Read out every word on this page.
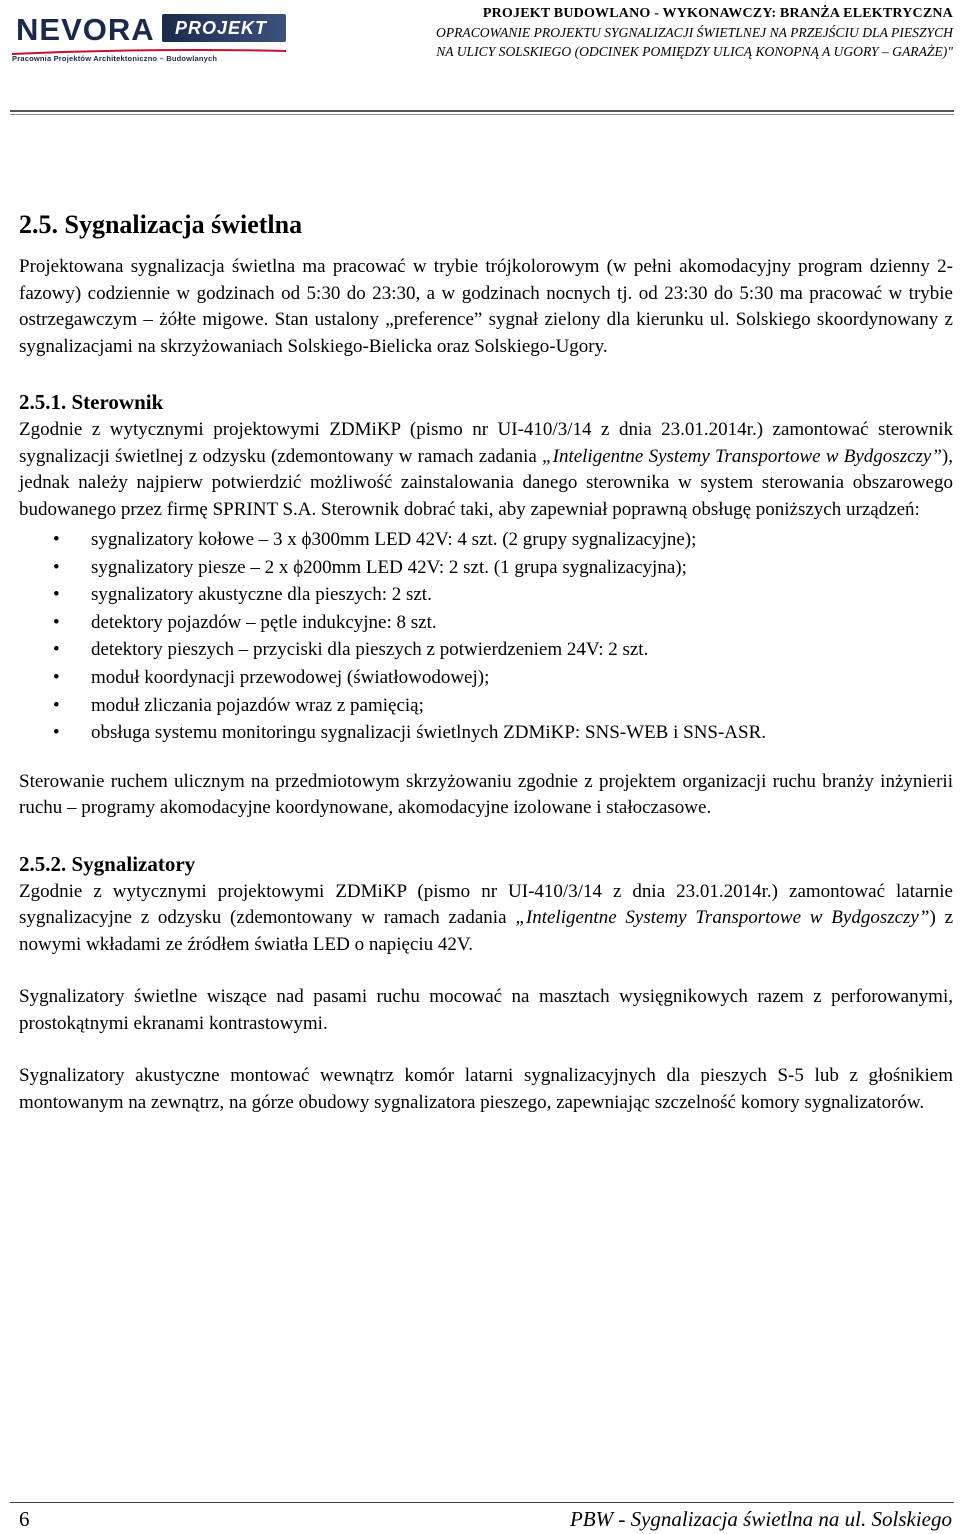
NEVORA PROJEKT
Pracownia Projektów Architektoniczno – Budowlanych
PROJEKT BUDOWLANO - WYKONAWCZY: BRANŻA ELEKTRYCZNA
OPRACOWANIE PROJEKTU SYGNALIZACJI ŚWIETLNEJ NA PRZEJŚCIU DLA PIESZYCH
NA ULICY SOLSKIEGO (ODCINEK POMIĘDZY ULICĄ KONOPNĄ A UGORY – GARAŻE)"
2.5. Sygnalizacja świetlna

Projektowana sygnalizacja świetlna ma pracować w trybie trójkolorowym (w pełni akomodacyjny program dzienny 2-fazowy) codziennie w godzinach od 5:30 do 23:30, a w godzinach nocnych tj. od 23:30 do 5:30 ma pracować w trybie ostrzegawczym – żółte migowe. Stan ustalony „preference” sygnał zielony dla kierunku ul. Solskiego skoordynowany z sygnalizacjami na skrzyżowaniach Solskiego-Bielicka oraz Solskiego-Ugory.

2.5.1. Sterownik

Zgodnie z wytycznymi projektowymi ZDMiKP (pismo nr UI-410/3/14 z dnia 23.01.2014r.) zamontować sterownik sygnalizacji świetlnej z odzysku (zdemontowany w ramach zadania „Inteligentne Systemy Transportowe w Bydgoszczy”), jednak należy najpierw potwierdzić możliwość zainstalowania danego sterownika w system sterowania obszarowego budowanego przez firmę SPRINT S.A. Sterownik dobrać taki, aby zapewniał poprawną obsługę poniższych urządzeń:

• sygnalizatory kołowe – 3 x ϕ300mm LED 42V: 4 szt. (2 grupy sygnalizacyjne);
• sygnalizatory piesze – 2 x ϕ200mm LED 42V: 2 szt. (1 grupa sygnalizacyjna);
• sygnalizatory akustyczne dla pieszych: 2 szt.
• detektory pojazdów – pętle indukcyjne: 8 szt.
• detektory pieszych – przyciski dla pieszych z potwierdzeniem 24V: 2 szt.
• moduł koordynacji przewodowej (światłowodowej);
• moduł zliczania pojazdów wraz z pamięcią;
• obsługa systemu monitoringu sygnalizacji świetlnych ZDMiKP: SNS-WEB i SNS-ASR.

Sterowanie ruchem ulicznym na przedmiotowym skrzyżowaniu zgodnie z projektem organizacji ruchu branży inżynierii ruchu – programy akomodacyjne koordynowane, akomodacyjne izolowane i stałoczasowe.

2.5.2. Sygnalizatory

Zgodnie z wytycznymi projektowymi ZDMiKP (pismo nr UI-410/3/14 z dnia 23.01.2014r.) zamontować latarnie sygnalizacyjne z odzysku (zdemontowany w ramach zadania „Inteligentne Systemy Transportowe w Bydgoszczy”) z nowymi wkładami ze źródłem światła LED o napięciu 42V.

Sygnalizatory świetlne wiszące nad pasami ruchu mocować na masztach wysięgnikowych razem z perforowanymi, prostokątnymi ekranami kontrastowymi.

Sygnalizatory akustyczne montować wewnątrz komór latarni sygnalizacyjnych dla pieszych S-5 lub z głośnikiem montowanym na zewnątrz, na górze obudowy sygnalizatora pieszego, zapewniając szczelność komory sygnalizatorów.

6	PBW - Sygnalizacja świetlna na ul. Solskiego
